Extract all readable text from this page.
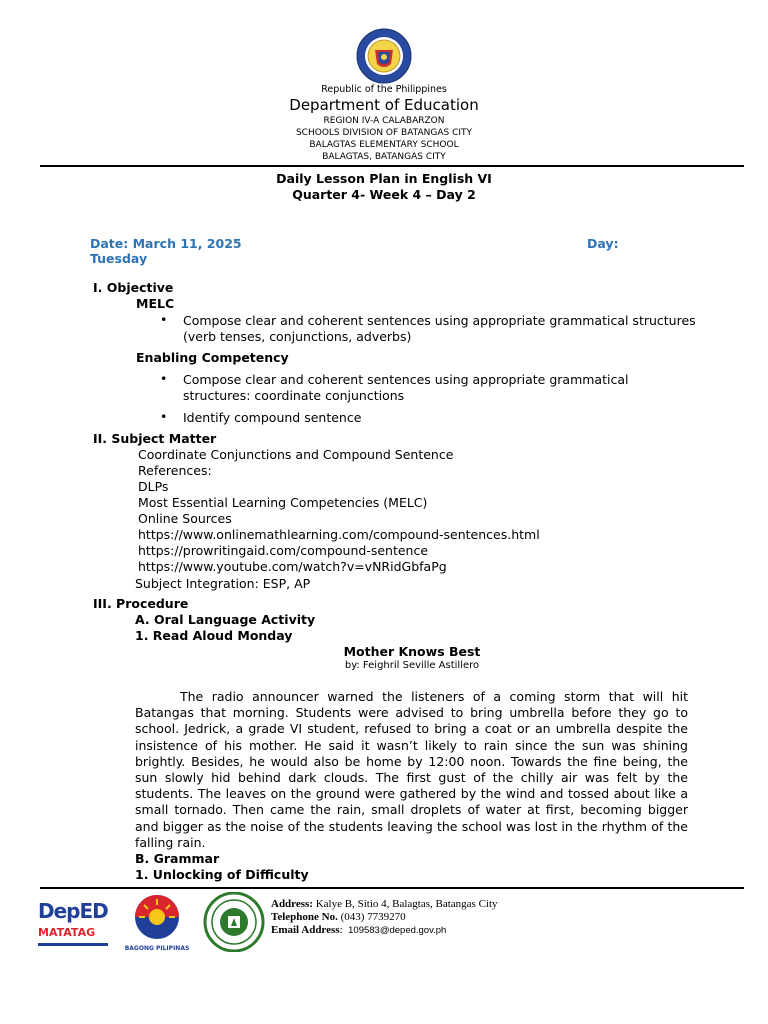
Republic of the Philippines
Department of Education
REGION IV-A CALABARZON
SCHOOLS DIVISION OF BATANGAS CITY
BALAGTAS ELEMENTARY SCHOOL
BALAGTAS, BATANGAS CITY
Daily Lesson Plan in English VI
Quarter 4- Week 4 – Day 2
Date: March 11, 2025
Tuesday
Day:
I. Objective
MELC
• Compose clear and coherent sentences using appropriate grammatical structures (verb tenses, conjunctions, adverbs)
Enabling Competency
• Compose clear and coherent sentences using appropriate grammatical structures: coordinate conjunctions
• Identify compound sentence
II. Subject Matter
Coordinate Conjunctions and Compound Sentence
References:
DLPs
Most Essential Learning Competencies (MELC)
Online Sources
https://www.onlinemathlearning.com/compound-sentences.html
https://prowritingaid.com/compound-sentence
https://www.youtube.com/watch?v=vNRidGbfaPg
Subject Integration: ESP, AP
III. Procedure
A. Oral Language Activity
1. Read Aloud Monday
Mother Knows Best
by: Feighril Seville Astillero
The radio announcer warned the listeners of a coming storm that will hit Batangas that morning. Students were advised to bring umbrella before they go to school. Jedrick, a grade VI student, refused to bring a coat or an umbrella despite the insistence of his mother. He said it wasn’t likely to rain since the sun was shining brightly. Besides, he would also be home by 12:00 noon. Towards the fine being, the sun slowly hid behind dark clouds. The first gust of the chilly air was felt by the students. The leaves on the ground were gathered by the wind and tossed about like a small tornado. Then came the rain, small droplets of water at first, becoming bigger and bigger as the noise of the students leaving the school was lost in the rhythm of the falling rain.
B. Grammar
1. Unlocking of Difficulty
DepED
MATATAG
BAGONG PILIPINAS
Address: Kalye B, Sitio 4, Balagtas, Batangas City
Telephone No. (043) 7739270
Email Address:  109583@deped.gov.ph
